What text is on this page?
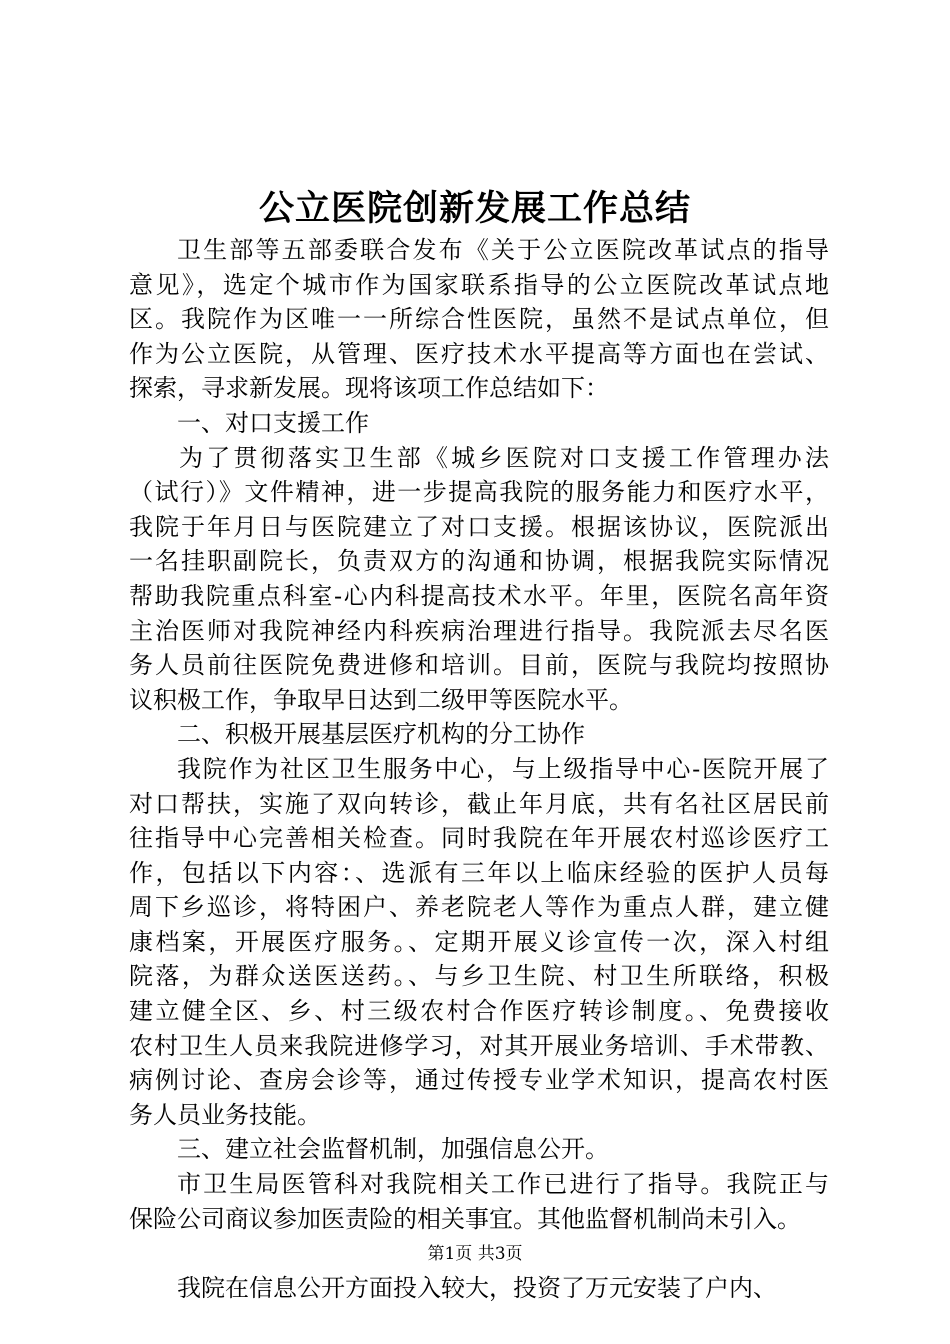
公立医院创新发展工作总结
卫生部等五部委联合发布《关于公立医院改革试点的指导
意见》，选定个城市作为国家联系指导的公立医院改革试点地
区。我院作为区唯一一所综合性医院，虽然不是试点单位，但
作为公立医院，从管理、医疗技术水平提高等方面也在尝试、
探索，寻求新发展。现将该项工作总结如下：
一、对口支援工作
为了贯彻落实卫生部《城乡医院对口支援工作管理办法
（试行）》文件精神，进一步提高我院的服务能力和医疗水平，
我院于年月日与医院建立了对口支援。根据该协议，医院派出
一名挂职副院长，负责双方的沟通和协调，根据我院实际情况
帮助我院重点科室-心内科提高技术水平。年里，医院名高年资
主治医师对我院神经内科疾病治理进行指导。我院派去尽名医
务人员前往医院免费进修和培训。目前，医院与我院均按照协
议积极工作，争取早日达到二级甲等医院水平。
二、积极开展基层医疗机构的分工协作
我院作为社区卫生服务中心，与上级指导中心-医院开展了
对口帮扶，实施了双向转诊，截止年月底，共有名社区居民前
往指导中心完善相关检查。同时我院在年开展农村巡诊医疗工
作，包括以下内容：、选派有三年以上临床经验的医护人员每
周下乡巡诊，将特困户、养老院老人等作为重点人群，建立健
康档案，开展医疗服务。、定期开展义诊宣传一次，深入村组
院落，为群众送医送药。、与乡卫生院、村卫生所联络，积极
建立健全区、乡、村三级农村合作医疗转诊制度。、免费接收
农村卫生人员来我院进修学习，对其开展业务培训、手术带教、
病例讨论、查房会诊等，通过传授专业学术知识，提高农村医
务人员业务技能。
三、建立社会监督机制，加强信息公开。
市卫生局医管科对我院相关工作已进行了指导。我院正与
保险公司商议参加医责险的相关事宜。其他监督机制尚未引入。
我院在信息公开方面投入较大，投资了万元安装了户内、
第1页 共3页
